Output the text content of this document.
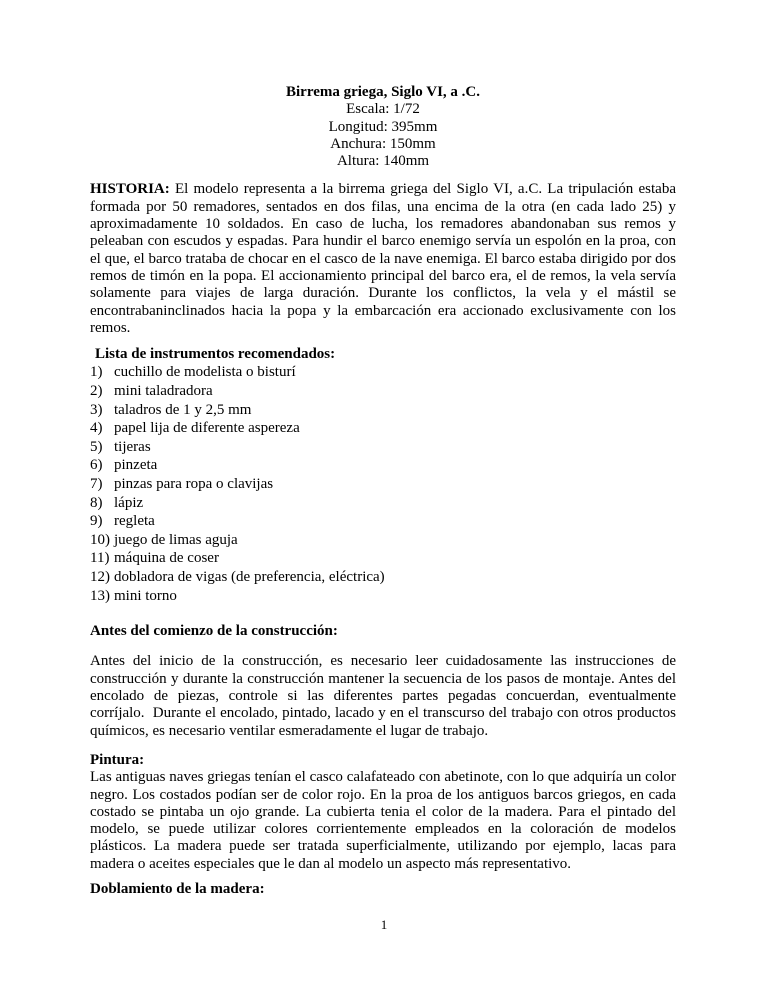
Birrema griega, Siglo VI, a .C.
Escala: 1/72
Longitud: 395mm
Anchura: 150mm
Altura: 140mm

HISTORIA: El modelo representa a la birrema griega del Siglo VI, a.C. La tripulación estaba formada por 50 remadores, sentados en dos filas, una encima de la otra (en cada lado 25) y aproximadamente 10 soldados. En caso de lucha, los remadores abandonaban sus remos y peleaban con escudos y espadas. Para hundir el barco enemigo servía un espolón en la proa, con el que, el barco trataba de chocar en el casco de la nave enemiga. El barco estaba dirigido por dos remos de timón en la popa. El accionamiento principal del barco era, el de remos, la vela servía solamente para viajes de larga duración. Durante los conflictos, la vela y el mástil se encontrabaninclinados hacia la popa y la embarcación era accionado exclusivamente con los remos.

Lista de instrumentos recomendados:
1) cuchillo de modelista o bisturí
2) mini taladradora
3) taladros de 1 y 2,5 mm
4) papel lija de diferente aspereza
5) tijeras
6) pinzeta
7) pinzas para ropa o clavijas
8) lápiz
9) regleta
10) juego de limas aguja
11) máquina de coser
12) dobladora de vigas (de preferencia, eléctrica)
13) mini torno
Antes del comienzo de la construcción:

Antes del inicio de la construcción, es necesario leer cuidadosamente las instrucciones de construcción y durante la construcción mantener la secuencia de los pasos de montaje. Antes del encolado de piezas, controle si las diferentes partes pegadas concuerdan, eventualmente corríjalo.  Durante el encolado, pintado, lacado y en el transcurso del trabajo con otros productos químicos, es necesario ventilar esmeradamente el lugar de trabajo.

Pintura:

Las antiguas naves griegas tenían el casco calafateado con abetinote, con lo que adquiría un color negro. Los costados podían ser de color rojo. En la proa de los antiguos barcos griegos, en cada costado se pintaba un ojo grande. La cubierta tenia el color de la madera. Para el pintado del modelo, se puede utilizar colores corrientemente empleados en la coloración de modelos plásticos. La madera puede ser tratada superficialmente, utilizando por ejemplo, lacas para madera o aceites especiales que le dan al modelo un aspecto más representativo.

Doblamiento de la madera:
1
